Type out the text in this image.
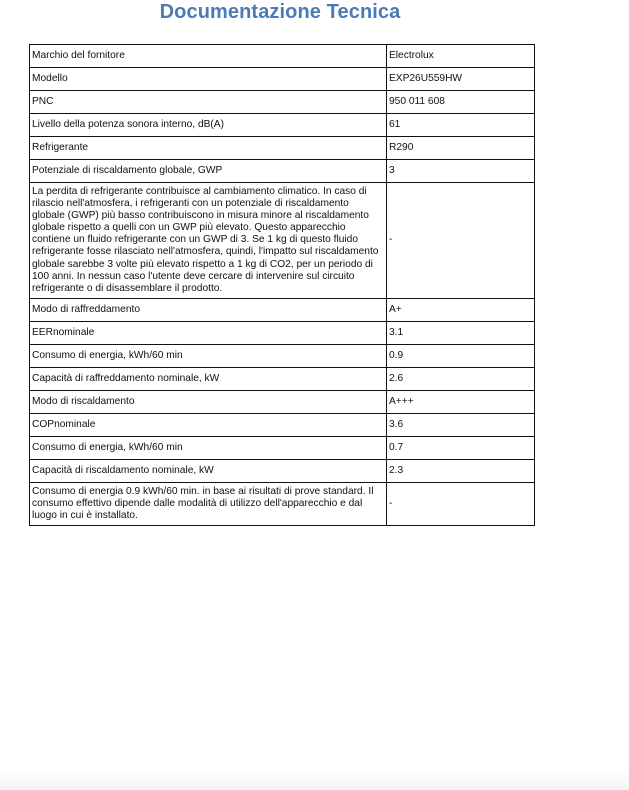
Documentazione Tecnica
Marchio del fornitore	Electrolux
Modello	EXP26U559HW
PNC	950 011 608
Livello della potenza sonora interno, dB(A)	61
Refrigerante	R290
Potenziale di riscaldamento globale, GWP	3
La perdita di refrigerante contribuisce al cambiamento climatico. In caso di rilascio nell'atmosfera, i refrigeranti con un potenziale di riscaldamento globale (GWP) più basso contribuiscono in misura minore al riscaldamento globale rispetto a quelli con un GWP più elevato. Questo apparecchio contiene un fluido refrigerante con un GWP di 3. Se 1 kg di questo fluido refrigerante fosse rilasciato nell'atmosfera, quindi, l'impatto sul riscaldamento globale sarebbe 3 volte più elevato rispetto a 1 kg di CO2, per un periodo di 100 anni. In nessun caso l'utente deve cercare di intervenire sul circuito refrigerante o di disassemblare il prodotto.	-
Modo di raffreddamento	A+
EERnominale	3.1
Consumo di energia, kWh/60 min	0.9
Capacità di raffreddamento nominale, kW	2.6
Modo di riscaldamento	A+++
COPnominale	3.6
Consumo di energia, kWh/60 min	0.7
Capacità di riscaldamento nominale, kW	2.3
Consumo di energia 0.9 kWh/60 min. in base ai risultati di prove standard. Il consumo effettivo dipende dalle modalità di utilizzo dell'apparecchio e dal luogo in cui è installato.	-
